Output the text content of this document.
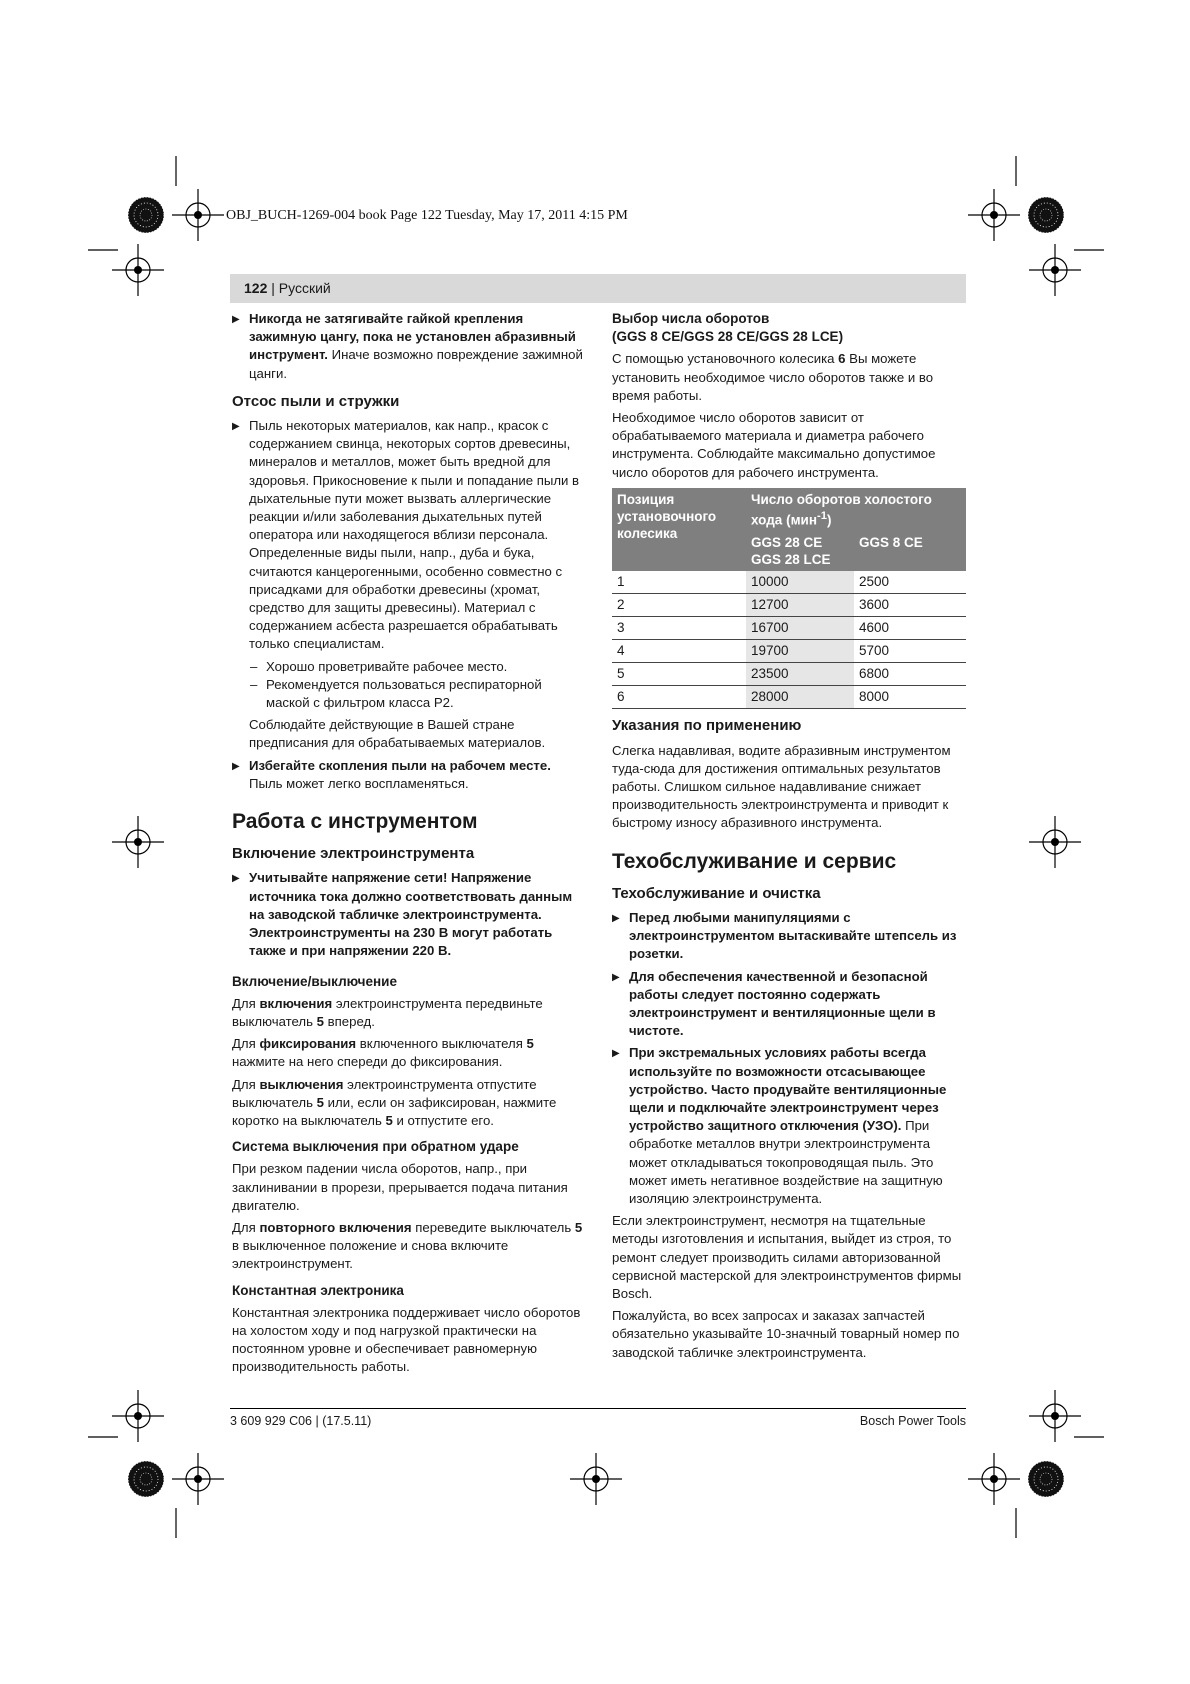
OBJ_BUCH-1269-004 book Page 122 Tuesday, May 17, 2011 4:15 PM
122 | Русский
▶ Никогда не затягивайте гайкой крепления зажимную цангу, пока не установлен абразивный инструмент. Иначе возможно повреждение зажимной цанги.
Отсос пыли и стружки
▶ Пыль некоторых материалов, как напр., красок с содержанием свинца, некоторых сортов древесины, минералов и металлов, может быть вредной для здоровья. Прикосновение к пыли и попадание пыли в дыхательные пути может вызвать аллергические реакции и/или заболевания дыхательных путей оператора или находящегося вблизи персонала. Определенные виды пыли, напр., дуба и бука, считаются канцерогенными, особенно совместно с присадками для обработки древесины (хромат, средство для защиты древесины). Материал с содержанием асбеста разрешается обрабатывать только специалистам.
– Хорошо проветривайте рабочее место.
– Рекомендуется пользоваться респираторной маской с фильтром класса P2.

Соблюдайте действующие в Вашей стране предписания для обрабатываемых материалов.

▶ Избегайте скопления пыли на рабочем месте. Пыль может легко воспламеняться.
Работа с инструментом
Включение электроинструмента
▶ Учитывайте напряжение сети! Напряжение источника тока должно соответствовать данным на заводской табличке электроинструмента. Электроинструменты на 230 В могут работать также и при напряжении 220 В.
Включение/выключение

Для включения электроинструмента передвиньте выключатель 5 вперед.

Для фиксирования включенного выключателя 5 нажмите на него спереди до фиксирования.

Для выключения электроинструмента отпустите выключатель 5 или, если он зафиксирован, нажмите коротко на выключатель 5 и отпустите его.

Система выключения при обратном ударе

При резком падении числа оборотов, напр., при заклинивании в прорези, прерывается подача питания двигателю.

Для повторного включения переведите выключатель 5 в выключенное положение и снова включите электроинструмент.

Константная электроника

Константная электроника поддерживает число оборотов на холостом ходу и под нагрузкой практически на постоянном уровне и обеспечивает равномерную производительность работы.

Выбор числа оборотов
(GGS 8 CE/GGS 28 CE/GGS 28 LCE)

С помощью установочного колесика 6 Вы можете установить необходимое число оборотов также и во время работы.

Необходимое число оборотов зависит от обрабатываемого материала и диаметра рабочего инструмента. Соблюдайте максимально допустимое число оборотов для рабочего инструмента.

Позиция установочного колесика	Число оборотов холостого хода (мин$^{-1}$)	
	GGS 28 CE GGS 28 LCE	GGS 8 CE
1	10000	2500
2	12700	3600
3	16700	4600
4	19700	5700
5	23500	6800
6	28000	8000
Указания по применению

Слегка надавливая, водите абразивным инструментом туда-сюда для достижения оптимальных результатов работы. Слишком сильное надавливание снижает производительность электроинструмента и приводит к быстрому износу абразивного инструмента.

Техобслуживание и сервис
Техобслуживание и очистка
▶ Перед любыми манипуляциями с электроинструментом вытаскивайте штепсель из розетки.
▶ Для обеспечения качественной и безопасной работы следует постоянно содержать электроинструмент и вентиляционные щели в чистоте.
▶ При экстремальных условиях работы всегда используйте по возможности отсасывающее устройство. Часто продувайте вентиляционные щели и подключайте электроинструмент через устройство защитного отключения (УЗО). При обработке металлов внутри электроинструмента может откладываться токопроводящая пыль. Это может иметь негативное воздействие на защитную изоляцию электроинструмента.

Если электроинструмент, несмотря на тщательные методы изготовления и испытания, выйдет из строя, то ремонт следует производить силами авторизованной сервисной мастерской для электроинструментов фирмы Bosch.

Пожалуйста, во всех запросах и заказах запчастей обязательно указывайте 10-значный товарный номер по заводской табличке электроинструмента.

3 609 929 C06 | (17.5.11)	Bosch Power Tools
